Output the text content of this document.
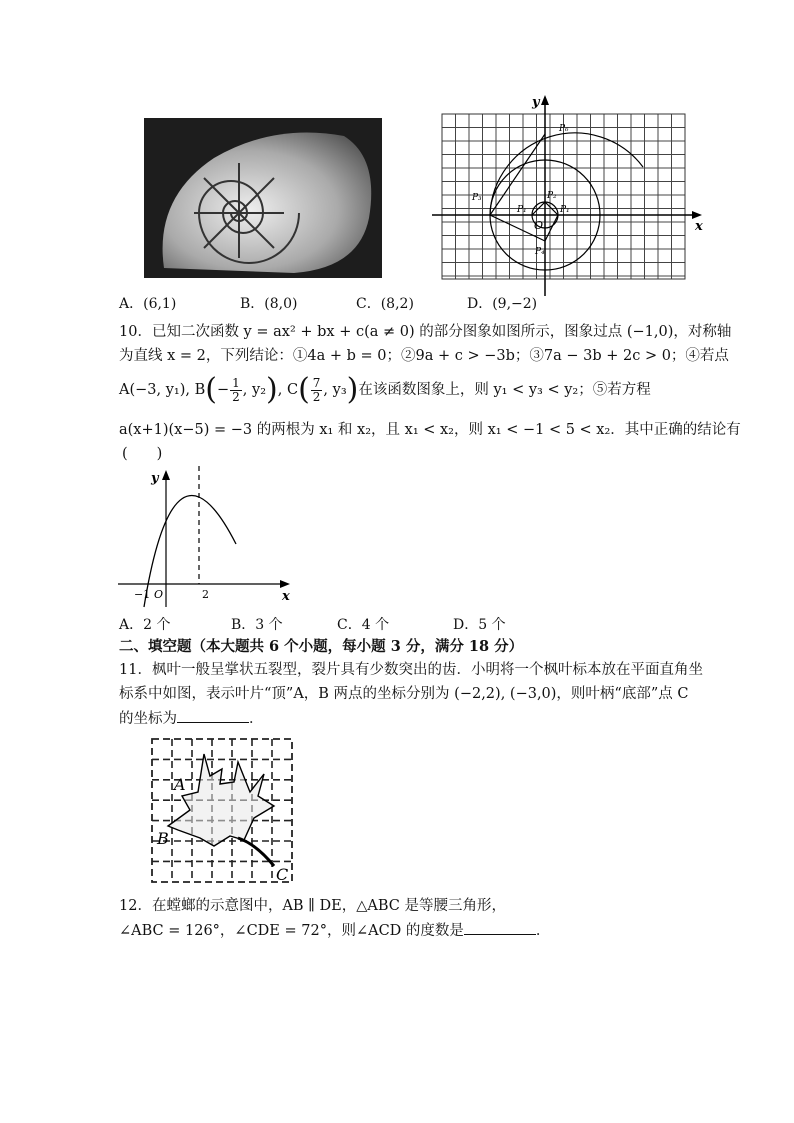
y
x
O
P₁	P₁
P₂
P₃
P₄
P₆
A．(6,1)	B．(8,0)	C．(8,2)	D．(9,−2)
10．已知二次函数 y = ax² + bx + c(a ≠ 0) 的部分图象如图所示，图象过点 (−1,0)，对称轴
为直线 x = 2，下列结论：①4a + b = 0；②9a + c > −3b；③7a − 3b + 2c > 0；④若点
A(−3, y₁), B ( − $\frac{1}{2}$ , y₂ ) , C ( $\frac{7}{2}$ , y₃ ) 在该函数图象上，则 y₁ < y₃ < y₂；⑤若方程
a(x+1)(x−5) = −3 的两根为 x₁ 和 x₂，且 x₁ < x₂，则 x₁ < −1 < 5 < x₂．其中正确的结论有
(　　)
y
x
O
−1	2
A．2 个	B．3 个	C．4 个	D．5 个
二、填空题（本大题共 6 个小题，每小题 3 分，满分 18 分）
11．枫叶一般呈掌状五裂型，裂片具有少数突出的齿．小明将一个枫叶标本放在平面直角坐
标系中如图，表示叶片“顶”A，B 两点的坐标分别为 (−2,2), (−3,0)，则叶柄“底部”点 C
的坐标为	．
A
B
C
12．在螳螂的示意图中，AB ∥ DE，△ABC 是等腰三角形，
∠ABC = 126°，∠CDE = 72°，则∠ACD 的度数是	．
